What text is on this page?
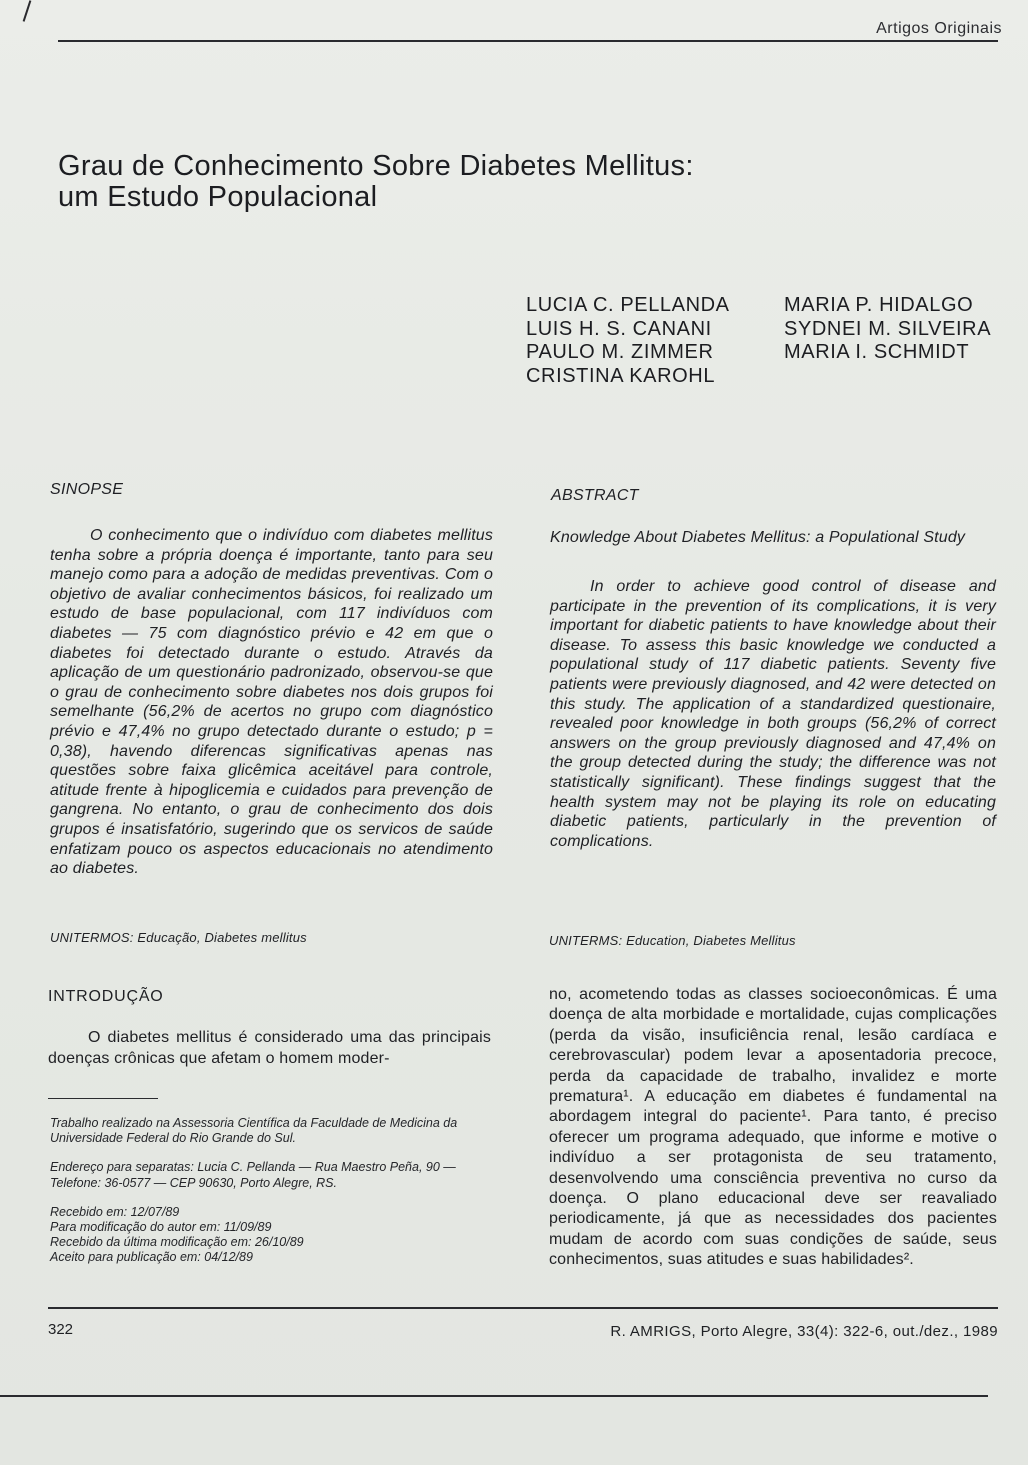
Artigos Originais
Grau de Conhecimento Sobre Diabetes Mellitus:
um Estudo Populacional
LUCIA C. PELLANDA
LUIS H. S. CANANI
PAULO M. ZIMMER
CRISTINA KAROHL
MARIA P. HIDALGO
SYDNEI M. SILVEIRA
MARIA I. SCHMIDT
SINOPSE

O conhecimento que o indivíduo com diabetes mellitus tenha sobre a própria doença é importante, tanto para seu manejo como para a adoção de medidas preventivas. Com o objetivo de avaliar conhecimentos básicos, foi realizado um estudo de base populacional, com 117 indivíduos com diabetes — 75 com diagnóstico prévio e 42 em que o diabetes foi detectado durante o estudo. Através da aplicação de um questionário padronizado, observou-se que o grau de conhecimento sobre diabetes nos dois grupos foi semelhante (56,2% de acertos no grupo com diagnóstico prévio e 47,4% no grupo detectado durante o estudo; p = 0,38), havendo diferencas significativas apenas nas questões sobre faixa glicêmica aceitável para controle, atitude frente à hipoglicemia e cuidados para prevenção de gangrena. No entanto, o grau de conhecimento dos dois grupos é insatisfatório, sugerindo que os servicos de saúde enfatizam pouco os aspectos educacionais no atendimento ao diabetes.

UNITERMOS: Educação, Diabetes mellitus
ABSTRACT

Knowledge About Diabetes Mellitus: a Populational Study

In order to achieve good control of disease and participate in the prevention of its complications, it is very important for diabetic patients to have knowledge about their disease. To assess this basic knowledge we conducted a populational study of 117 diabetic patients. Seventy five patients were previously diagnosed, and 42 were detected on this study. The application of a standardized questionaire, revealed poor knowledge in both groups (56,2% of correct answers on the group previously diagnosed and 47,4% on the group detected during the study; the difference was not statistically significant). These findings suggest that the health system may not be playing its role on educating diabetic patients, particularly in the prevention of complications.

UNITERMS: Education, Diabetes Mellitus
INTRODUÇÃO

O diabetes mellitus é considerado uma das principais doenças crônicas que afetam o homem moder-

no, acometendo todas as classes socioeconômicas. É uma doença de alta morbidade e mortalidade, cujas complicações (perda da visão, insuficiência renal, lesão cardíaca e cerebrovascular) podem levar a aposentadoria precoce, perda da capacidade de trabalho, invalidez e morte prematura¹. A educação em diabetes é fundamental na abordagem integral do paciente¹. Para tanto, é preciso oferecer um programa adequado, que informe e motive o indivíduo a ser protagonista de seu tratamento, desenvolvendo uma consciência preventiva no curso da doença. O plano educacional deve ser reavaliado periodicamente, já que as necessidades dos pacientes mudam de acordo com suas condições de saúde, seus conhecimentos, suas atitudes e suas habilidades².

Trabalho realizado na Assessoria Científica da Faculdade de Medicina da Universidade Federal do Rio Grande do Sul.

Endereço para separatas: Lucia C. Pellanda — Rua Maestro Peña, 90 — Telefone: 36-0577 — CEP 90630, Porto Alegre, RS.

Recebido em: 12/07/89
Para modificação do autor em: 11/09/89
Recebido da última modificação em: 26/10/89
Aceito para publicação em: 04/12/89
322	R. AMRIGS, Porto Alegre, 33(4): 322-6, out./dez., 1989
